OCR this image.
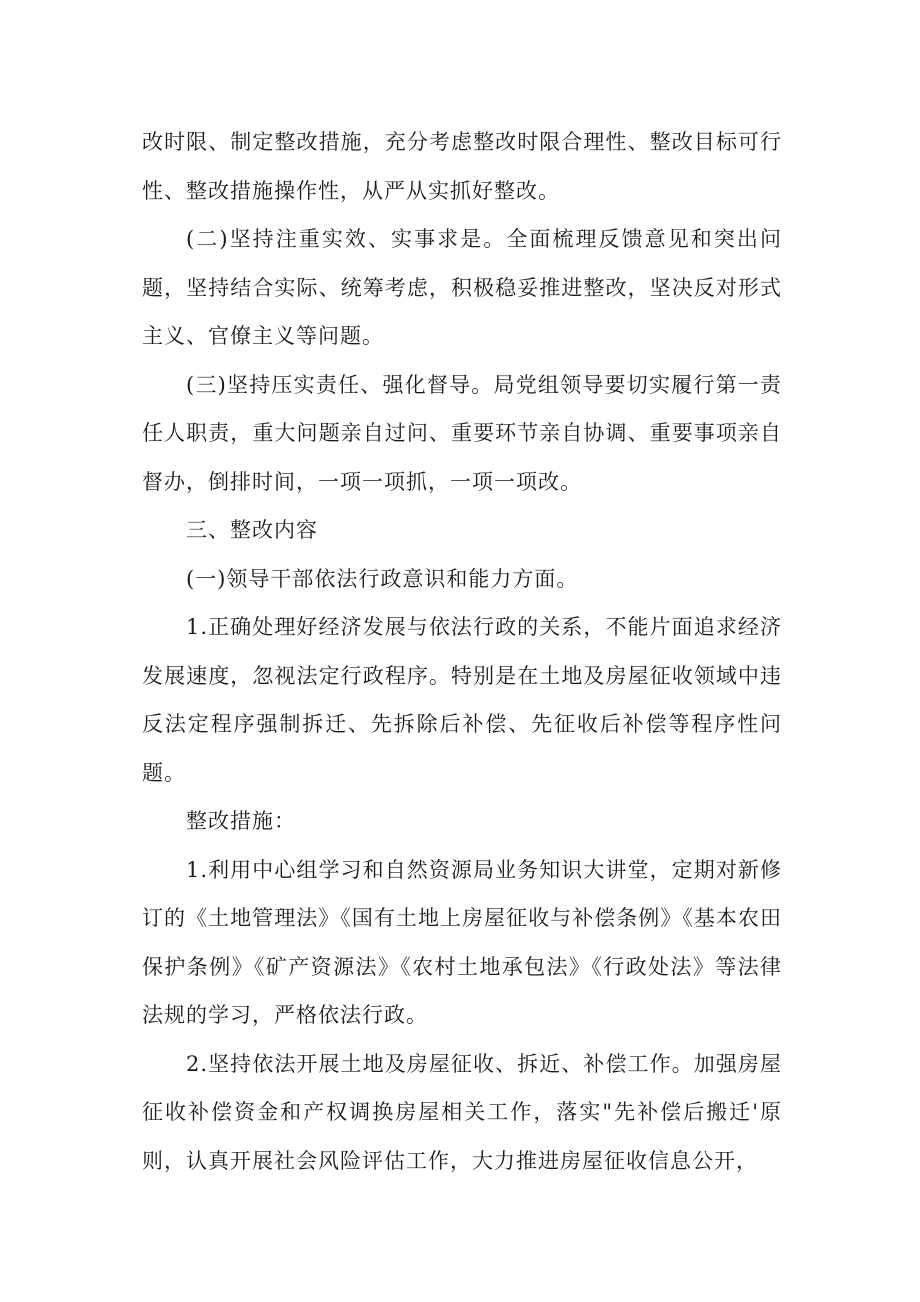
改时限、制定整改措施，充分考虑整改时限合理性、整改目标可行性、整改措施操作性，从严从实抓好整改。

(二)坚持注重实效、实事求是。全面梳理反馈意见和突出问题，坚持结合实际、统筹考虑，积极稳妥推进整改，坚决反对形式主义、官僚主义等问题。

(三)坚持压实责任、强化督导。局党组领导要切实履行第一责任人职责，重大问题亲自过问、重要环节亲自协调、重要事项亲自督办，倒排时间，一项一项抓，一项一项改。

三、整改内容

(一)领导干部依法行政意识和能力方面。

1.正确处理好经济发展与依法行政的关系，不能片面追求经济发展速度，忽视法定行政程序。特别是在土地及房屋征收领域中违反法定程序强制拆迁、先拆除后补偿、先征收后补偿等程序性问题。

整改措施：

1.利用中心组学习和自然资源局业务知识大讲堂，定期对新修订的《土地管理法》《国有土地上房屋征收与补偿条例》《基本农田保护条例》《矿产资源法》《农村土地承包法》《行政处法》等法律法规的学习，严格依法行政。

2.坚持依法开展土地及房屋征收、拆近、补偿工作。加强房屋征收补偿资金和产权调换房屋相关工作，落实"先补偿后搬迁'原则，认真开展社会风险评估工作，大力推进房屋征收信息公开，
